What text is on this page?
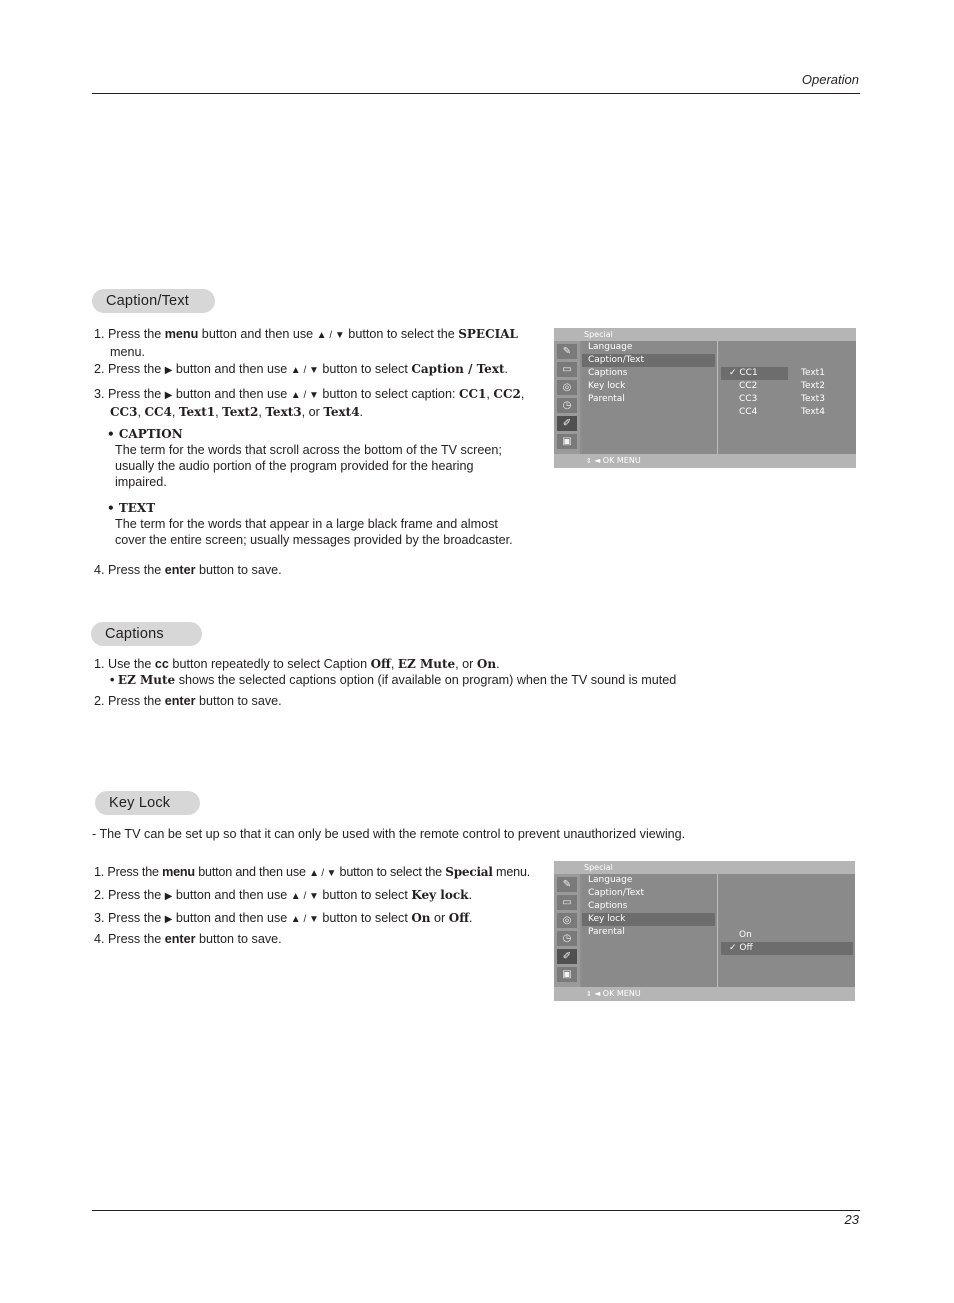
Operation
Caption/Text
1. Press the menu button and then use ▲ / ▼ button to select the SPECIAL
menu.
2. Press the ▶ button and then use ▲ / ▼ button to select Caption / Text.
3. Press the ▶ button and then use ▲ / ▼ button to select caption: CC1, CC2,
CC3, CC4, Text1, Text2, Text3, or Text4.
• CAPTION
The term for the words that scroll across the bottom of the TV screen;
usually the audio portion of the program provided for the hearing
impaired.
• TEXT
The term for the words that appear in a large black frame and almost
cover the entire screen; usually messages provided by the broadcaster.
4. Press the enter button to save.
Special
✎
▭
◎
◷
✐
▣
Language
Caption/Text
Captions
Key lock
Parental
✓ CC1
CC2
CC3
CC4
Text1
Text2
Text3
Text4
⇕ ◄ OK MENU
Captions
1. Use the cc button repeatedly to select Caption Off, EZ Mute, or On.
• EZ Mute shows the selected captions option (if available on program) when the TV sound is muted
2. Press the enter button to save.
Key Lock
- The TV can be set up so that it can only be used with the remote control to prevent unauthorized viewing.
1. Press the menu button and then use ▲ / ▼ button to select the Special menu.
2. Press the ▶ button and then use ▲ / ▼ button to select Key lock.
3. Press the ▶ button and then use ▲ / ▼ button to select On or Off.
4. Press the enter button to save.
Special
✎
▭
◎
◷
✐
▣
Language
Caption/Text
Captions
Key lock
Parental	On
✓ Off
⇕ ◄ OK MENU
23
